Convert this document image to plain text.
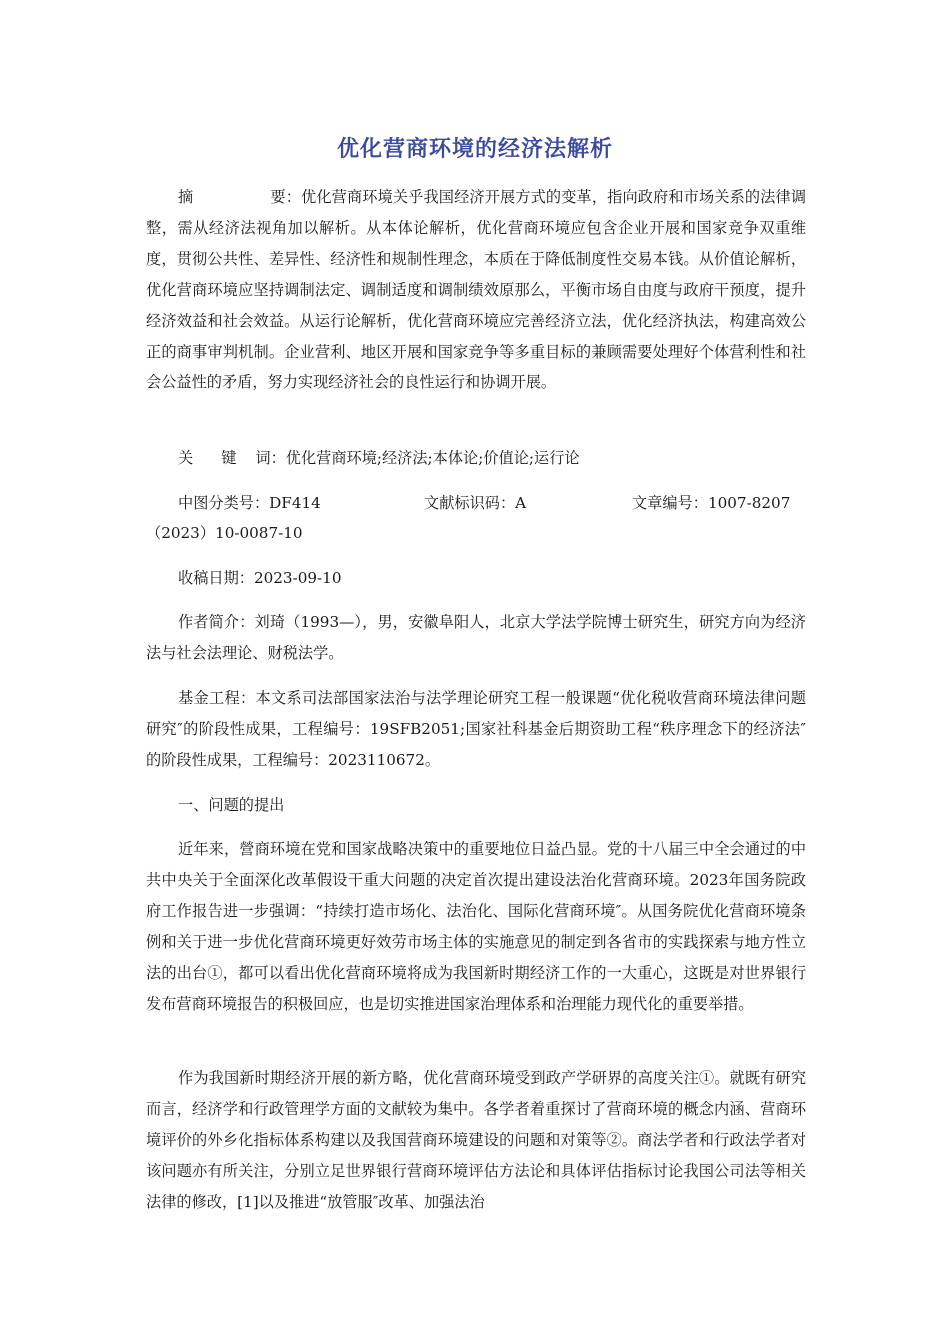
优化营商环境的经济法解析

摘	要：优化营商环境关乎我国经济开展方式的变革，指向政府和市场关系的法律调整，需从经济法视角加以解析。从本体论解析，优化营商环境应包含企业开展和国家竞争双重维度，贯彻公共性、差异性、经济性和规制性理念，本质在于降低制度性交易本钱。从价值论解析，优化营商环境应坚持调制法定、调制适度和调制绩效原那么，平衡市场自由度与政府干预度，提升经济效益和社会效益。从运行论解析，优化营商环境应完善经济立法，优化经济执法，构建高效公正的商事审判机制。企业营利、地区开展和国家竞争等多重目标的兼顾需要处理好个体营利性和社会公益性的矛盾，努力实现经济社会的良性运行和协调开展。

关 键 词：优化营商环境;经济法;本体论;价值论;运行论
中图分类号：DF414	文献标识码：A	文章编号：1007-8207
（2023）10-0087-10
收稿日期：2023-09-10

作者简介：刘琦（1993—），男，安徽阜阳人，北京大学法学院博士研究生，研究方向为经济法与社会法理论、财税法学。

基金工程：本文系司法部国家法治与法学理论研究工程一般课题“优化税收营商环境法律问题研究″的阶段性成果，工程编号：19SFB2051;国家社科基金后期资助工程“秩序理念下的经济法″ 的阶段性成果，工程编号：2023110672。

一、问题的提出

近年来，營商环境在党和国家战略决策中的重要地位日益凸显。党的十八届三中全会通过的中共中央关于全面深化改革假设干重大问题的决定首次提出建设法治化营商环境。2023年国务院政府工作报告进一步强调：“持续打造市场化、法治化、国际化营商环境″。从国务院优化营商环境条例和关于进一步优化营商环境更好效劳市场主体的实施意见的制定到各省市的实践探索与地方性立法的出台①，都可以看出优化营商环境将成为我国新时期经济工作的一大重心，这既是对世界银行发布营商环境报告的积极回应，也是切实推进国家治理体系和治理能力现代化的重要举措。

作为我国新时期经济开展的新方略，优化营商环境受到政产学研界的高度关注①。就既有研究而言，经济学和行政管理学方面的文献较为集中。各学者着重探讨了营商环境的概念内涵、营商环境评价的外乡化指标体系构建以及我国营商环境建设的问题和对策等②。商法学者和行政法学者对该问题亦有所关注，分别立足世界银行营商环境评估方法论和具体评估指标讨论我国公司法等相关法律的修改，[1]以及推进“放管服″改革、加强法治
